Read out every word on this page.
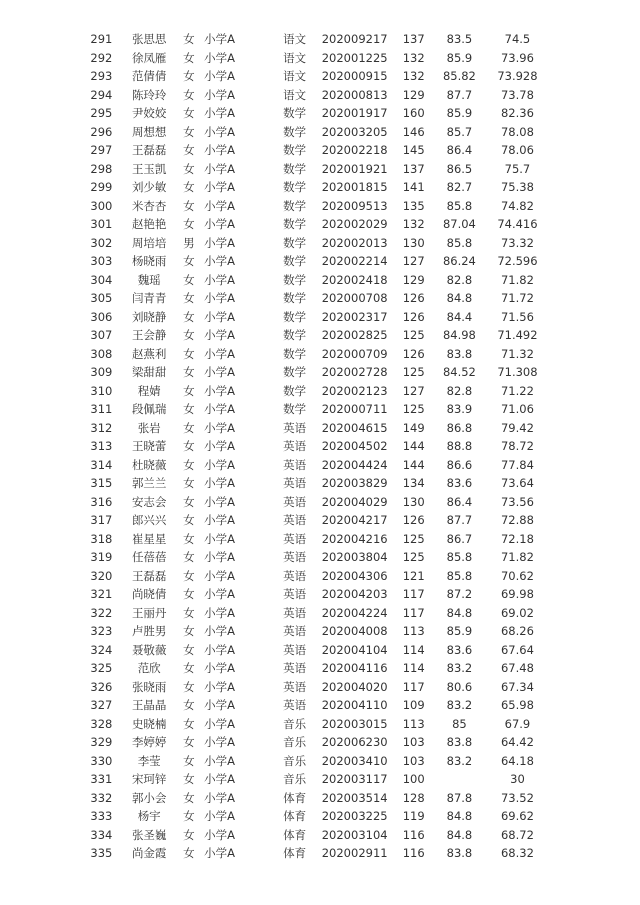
291	张思思	女	小学A	语文	202009217	137	83.5	74.5
292	徐凤雁	女	小学A	语文	202001225	132	85.9	73.96
293	范倩倩	女	小学A	语文	202000915	132	85.82	73.928
294	陈玲玲	女	小学A	语文	202000813	129	87.7	73.78
295	尹姣姣	女	小学A	数学	202001917	160	85.9	82.36
296	周想想	女	小学A	数学	202003205	146	85.7	78.08
297	王磊磊	女	小学A	数学	202002218	145	86.4	78.06
298	王玉凯	女	小学A	数学	202001921	137	86.5	75.7
299	刘少敏	女	小学A	数学	202001815	141	82.7	75.38
300	米杏杏	女	小学A	数学	202009513	135	85.8	74.82
301	赵艳艳	女	小学A	数学	202002029	132	87.04	74.416
302	周培培	男	小学A	数学	202002013	130	85.8	73.32
303	杨晓雨	女	小学A	数学	202002214	127	86.24	72.596
304	魏瑶	女	小学A	数学	202002418	129	82.8	71.82
305	闫青青	女	小学A	数学	202000708	126	84.8	71.72
306	刘晓静	女	小学A	数学	202002317	126	84.4	71.56
307	王会静	女	小学A	数学	202002825	125	84.98	71.492
308	赵燕利	女	小学A	数学	202000709	126	83.8	71.32
309	梁甜甜	女	小学A	数学	202002728	125	84.52	71.308
310	程婧	女	小学A	数学	202002123	127	82.8	71.22
311	段佩瑞	女	小学A	数学	202000711	125	83.9	71.06
312	张岩	女	小学A	英语	202004615	149	86.8	79.42
313	王晓蕾	女	小学A	英语	202004502	144	88.8	78.72
314	杜晓薇	女	小学A	英语	202004424	144	86.6	77.84
315	郭兰兰	女	小学A	英语	202003829	134	83.6	73.64
316	安志会	女	小学A	英语	202004029	130	86.4	73.56
317	郎兴兴	女	小学A	英语	202004217	126	87.7	72.88
318	崔星星	女	小学A	英语	202004216	125	86.7	72.18
319	任蓓蓓	女	小学A	英语	202003804	125	85.8	71.82
320	王磊磊	女	小学A	英语	202004306	121	85.8	70.62
321	尚晓倩	女	小学A	英语	202004203	117	87.2	69.98
322	王丽丹	女	小学A	英语	202004224	117	84.8	69.02
323	卢胜男	女	小学A	英语	202004008	113	85.9	68.26
324	聂敬薇	女	小学A	英语	202004104	114	83.6	67.64
325	范欣	女	小学A	英语	202004116	114	83.2	67.48
326	张晓雨	女	小学A	英语	202004020	117	80.6	67.34
327	王晶晶	女	小学A	英语	202004110	109	83.2	65.98
328	史晓楠	女	小学A	音乐	202003015	113	85	67.9
329	李婷婷	女	小学A	音乐	202006230	103	83.8	64.42
330	李莹	女	小学A	音乐	202003410	103	83.2	64.18
331	宋珂锌	女	小学A	音乐	202003117	100		30
332	郭小会	女	小学A	体育	202003514	128	87.8	73.52
333	杨宇	女	小学A	体育	202003225	119	84.8	69.62
334	张圣巍	女	小学A	体育	202003104	116	84.8	68.72
335	尚金霞	女	小学A	体育	202002911	116	83.8	68.32
